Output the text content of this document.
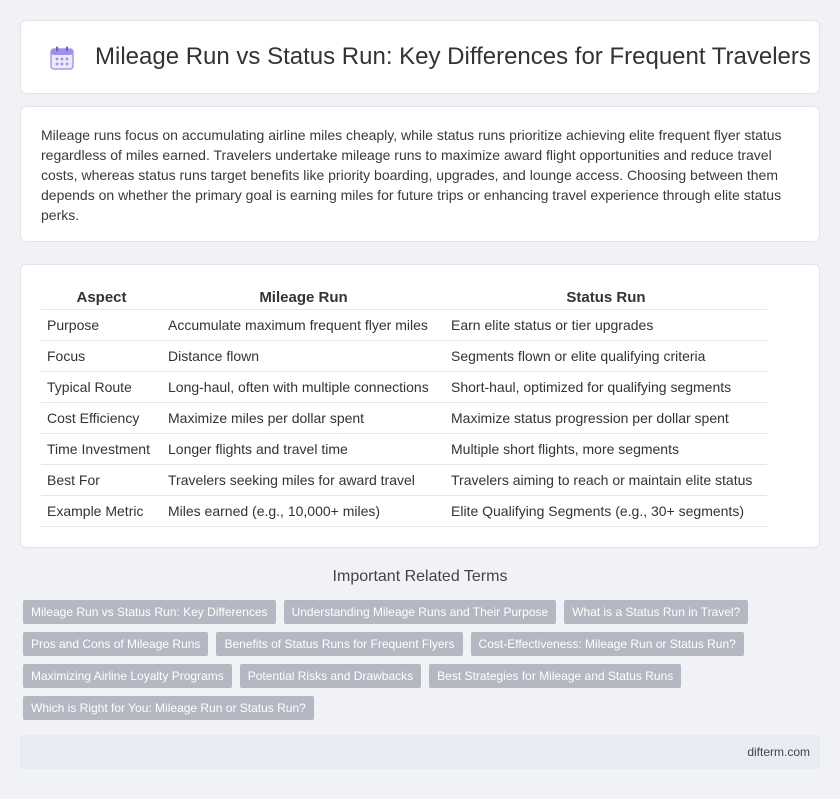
Mileage Run vs Status Run: Key Differences for Frequent Travelers

Mileage runs focus on accumulating airline miles cheaply, while status runs prioritize achieving elite frequent flyer status regardless of miles earned. Travelers undertake mileage runs to maximize award flight opportunities and reduce travel costs, whereas status runs target benefits like priority boarding, upgrades, and lounge access. Choosing between them depends on whether the primary goal is earning miles for future trips or enhancing travel experience through elite status perks.

Aspect	Mileage Run	Status Run
Purpose	Accumulate maximum frequent flyer miles	Earn elite status or tier upgrades
Focus	Distance flown	Segments flown or elite qualifying criteria
Typical Route	Long-haul, often with multiple connections	Short-haul, optimized for qualifying segments
Cost Efficiency	Maximize miles per dollar spent	Maximize status progression per dollar spent
Time Investment	Longer flights and travel time	Multiple short flights, more segments
Best For	Travelers seeking miles for award travel	Travelers aiming to reach or maintain elite status
Example Metric	Miles earned (e.g., 10,000+ miles)	Elite Qualifying Segments (e.g., 30+ segments)
Important Related Terms
Mileage Run vs Status Run: Key Differences	Understanding Mileage Runs and Their Purpose	What is a Status Run in Travel?
Pros and Cons of Mileage Runs	Benefits of Status Runs for Frequent Flyers	Cost-Effectiveness: Mileage Run or Status Run?
Maximizing Airline Loyalty Programs	Potential Risks and Drawbacks	Best Strategies for Mileage and Status Runs
Which is Right for You: Mileage Run or Status Run?
difterm.com
